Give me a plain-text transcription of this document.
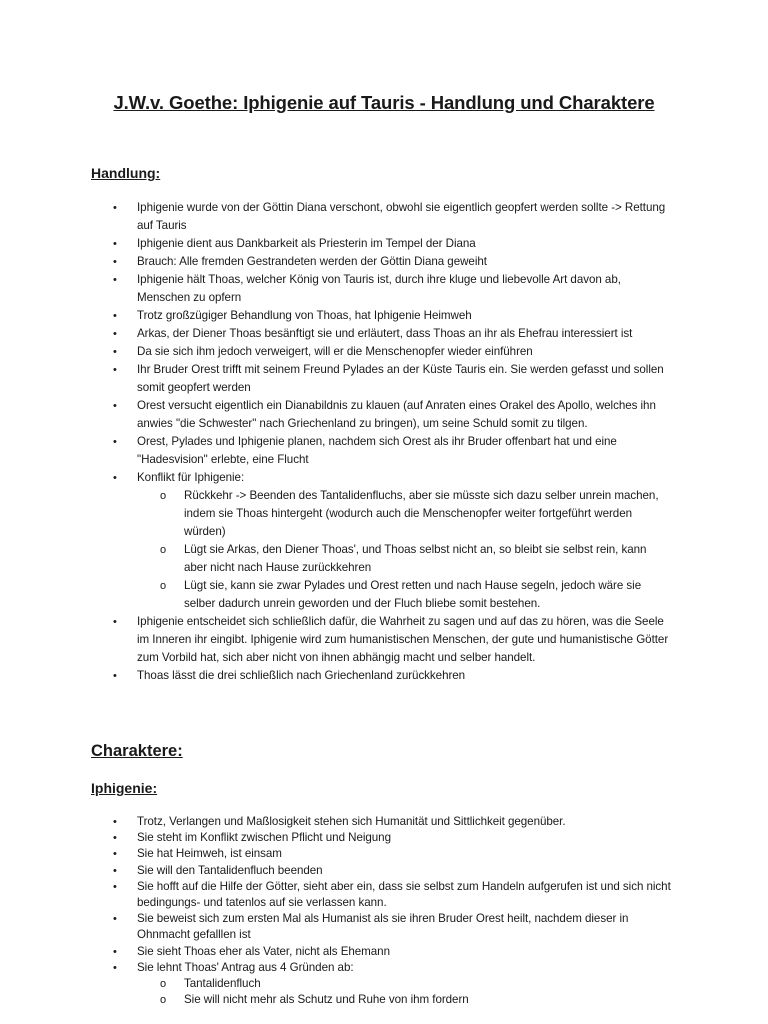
J.W.v. Goethe: Iphigenie auf Tauris - Handlung und Charaktere
Handlung:
• Iphigenie wurde von der Göttin Diana verschont, obwohl sie eigentlich geopfert werden sollte -> Rettung auf Tauris
• Iphigenie dient aus Dankbarkeit als Priesterin im Tempel der Diana
• Brauch: Alle fremden Gestrandeten werden der Göttin Diana geweiht
• Iphigenie hält Thoas, welcher König von Tauris ist, durch ihre kluge und liebevolle Art davon ab, Menschen zu opfern
• Trotz großzügiger Behandlung von Thoas, hat Iphigenie Heimweh
• Arkas, der Diener Thoas besänftigt sie und erläutert, dass Thoas an ihr als Ehefrau interessiert ist
• Da sie sich ihm jedoch verweigert, will er die Menschenopfer wieder einführen
• Ihr Bruder Orest trifft mit seinem Freund Pylades an der Küste Tauris ein. Sie werden gefasst und sollen somit geopfert werden
• Orest versucht eigentlich ein Dianabildnis zu klauen (auf Anraten eines Orakel des Apollo, welches ihn anwies "die Schwester" nach Griechenland zu bringen), um seine Schuld somit zu tilgen.
• Orest, Pylades und Iphigenie planen, nachdem sich Orest als ihr Bruder offenbart hat und eine "Hadesvision" erlebte, eine Flucht
• Konflikt für Iphigenie:
o Rückkehr -> Beenden des Tantalidenfluchs, aber sie müsste sich dazu selber unrein machen, indem sie Thoas hintergeht (wodurch auch die Menschenopfer weiter fortgeführt werden würden)
o Lügt sie Arkas, den Diener Thoas', und Thoas selbst nicht an, so bleibt sie selbst rein, kann aber nicht nach Hause zurückkehren
o Lügt sie, kann sie zwar Pylades und Orest retten und nach Hause segeln, jedoch wäre sie selber dadurch unrein geworden und der Fluch bliebe somit bestehen.
• Iphigenie entscheidet sich schließlich dafür, die Wahrheit zu sagen und auf das zu hören, was die Seele im Inneren ihr eingibt. Iphigenie wird zum humanistischen Menschen, der gute und humanistische Götter zum Vorbild hat, sich aber nicht von ihnen abhängig macht und selber handelt.
• Thoas lässt die drei schließlich nach Griechenland zurückkehren
Charaktere:
Iphigenie:
• Trotz, Verlangen und Maßlosigkeit stehen sich Humanität und Sittlichkeit gegenüber.
• Sie steht im Konflikt zwischen Pflicht und Neigung
• Sie hat Heimweh, ist einsam
• Sie will den Tantalidenfluch beenden
• Sie hofft auf die Hilfe der Götter, sieht aber ein, dass sie selbst zum Handeln aufgerufen ist und sich nicht bedingungs- und tatenlos auf sie verlassen kann.
• Sie beweist sich zum ersten Mal als Humanist als sie ihren Bruder Orest heilt, nachdem dieser in Ohnmacht gefalllen ist
• Sie sieht Thoas eher als Vater, nicht als Ehemann
• Sie lehnt Thoas' Antrag aus 4 Gründen ab:
o Tantalidenfluch
o Sie will nicht mehr als Schutz und Ruhe von ihm fordern
